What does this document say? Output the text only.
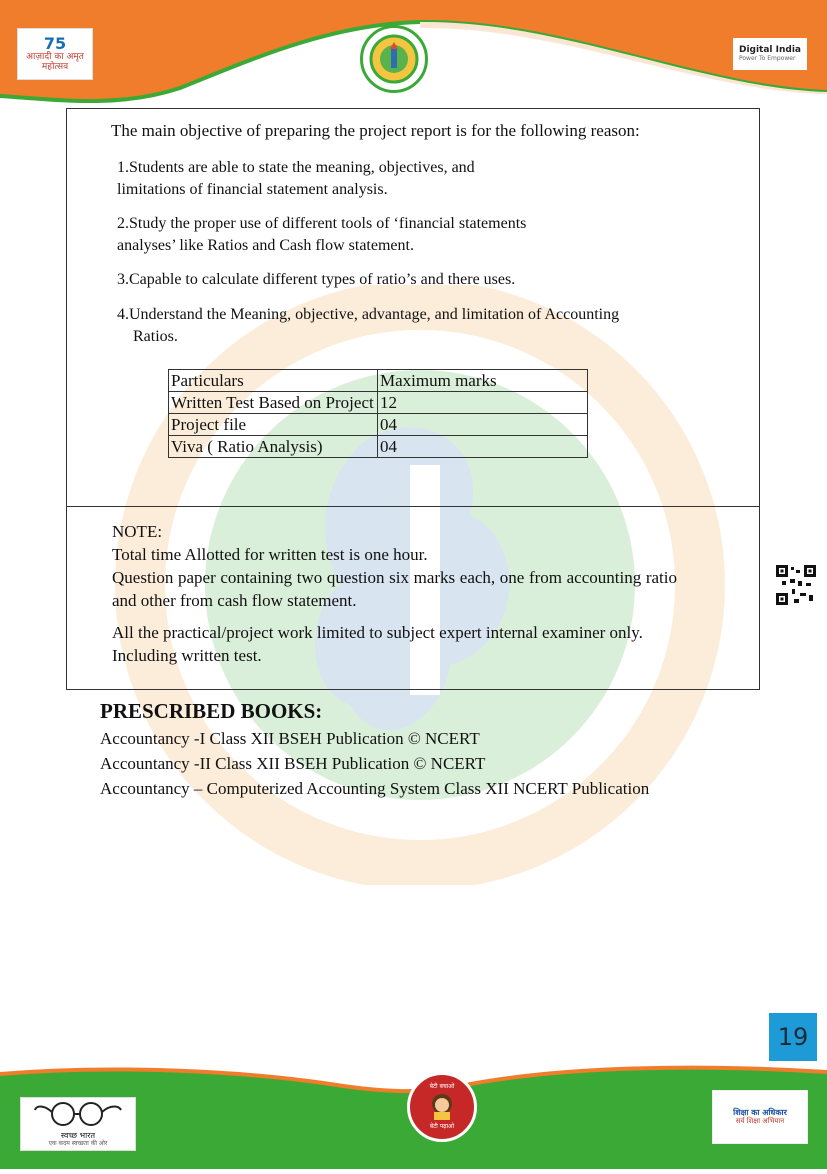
75
आज़ादी का अमृत महोत्सव
Digital India
Power To Empower
The main objective of preparing the project report is for the following reason:
1.Students are able to state the meaning, objectives, and
limitations of financial statement analysis.
2.Study the proper use of different tools of ‘financial statements
analyses’ like Ratios and Cash flow statement.
3.Capable to calculate different types of ratio’s and there uses.
4.Understand the Meaning, objective, advantage, and limitation of Accounting
Ratios.
Particulars	Maximum marks
Written Test Based on Project	12
Project file	04
Viva ( Ratio Analysis)	04

NOTE:

Total time Allotted for written test is one hour.

Question paper containing two question six marks each, one from accounting ratio and other from cash flow statement.

All the practical/project work limited to subject expert internal examiner only. Including written test.

PRESCRIBED BOOKS:
Accountancy -I Class XII BSEH Publication © NCERT
Accountancy -II Class XII BSEH Publication © NCERT
Accountancy – Computerized Accounting System Class XII NCERT Publication
19
स्वच्छ भारत
एक कदम स्वच्छता की ओर
बेटी बचाओ
बेटी पढ़ाओ
शिक्षा का अधिकार
सर्व शिक्षा अभियान
